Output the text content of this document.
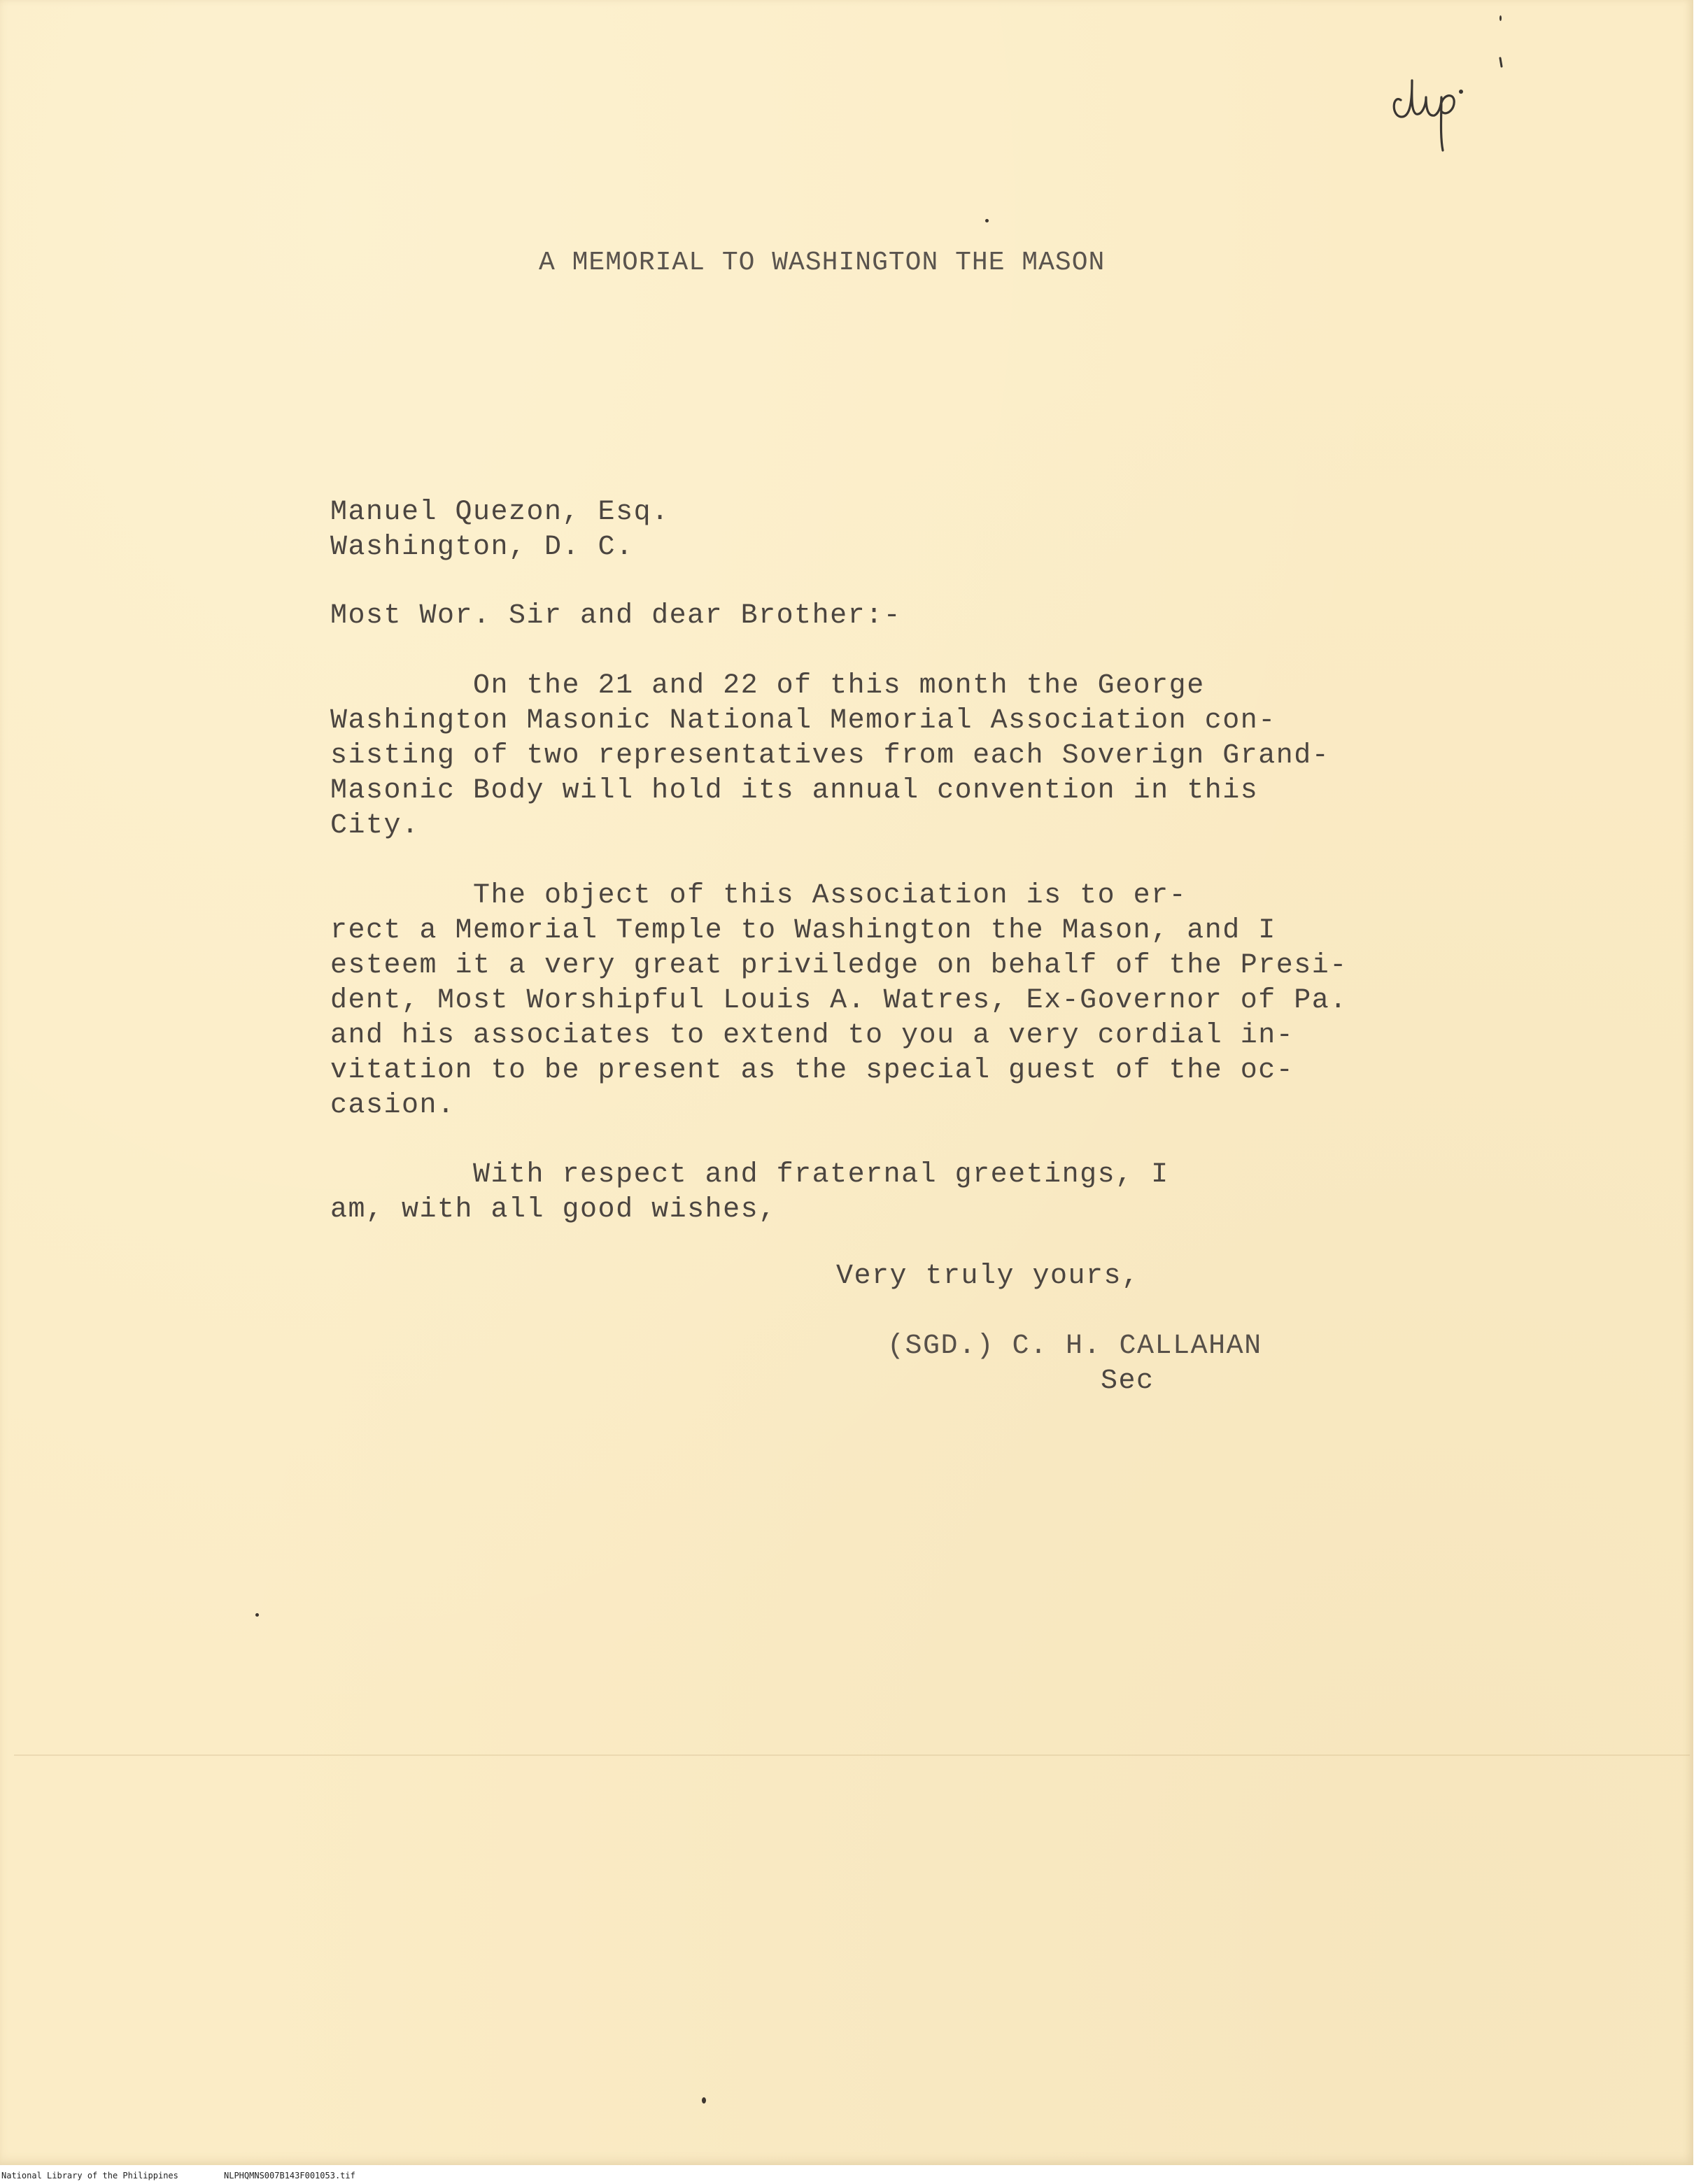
A MEMORIAL TO WASHINGTON THE MASON

Manuel Quezon, Esq.

Washington, D. C.

Most Wor. Sir and dear Brother:-

On the 21 and 22 of this month the George
Washington Masonic National Memorial Association con-
sisting of two representatives from each Soverign Grand-
Masonic Body will hold its annual convention in this
City.

The object of this Association is to er-
rect a Memorial Temple to Washington the Mason, and I
esteem it a very great priviledge on behalf of the Presi-
dent, Most Worshipful Louis A. Watres, Ex-Governor of Pa.
and his associates to extend to you a very cordial in-
vitation to be present as the special guest of the oc-
casion.

With respect and fraternal greetings, I
am, with all good wishes,

Very truly yours,

(SGD.) C. H. CALLAHAN

Sec

National Library of the Philippines	NLPHQMNS007B143F001053.tif
